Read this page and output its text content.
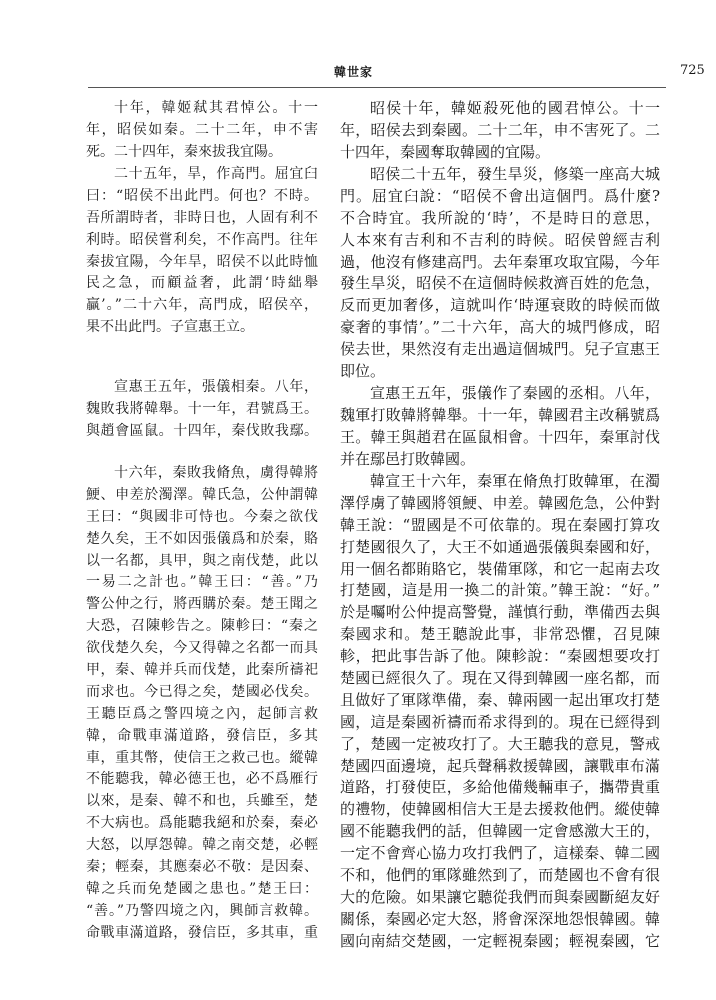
韓世家	725
十年，韓姬弒其君悼公。十一
年，昭侯如秦。二十二年，申不害
死。二十四年，秦來拔我宜陽。
二十五年，旱，作高門。屈宜臼
曰：“昭侯不出此門。何也？不時。
吾所謂時者，非時日也，人固有利不
利時。昭侯嘗利矣，不作高門。往年
秦拔宜陽，今年旱，昭侯不以此時恤
民之急，而顧益奢，此謂‘時絀舉
贏’。”二十六年，高門成，昭侯卒，
果不出此門。子宣惠王立。
宣惠王五年，張儀相秦。八年，
魏敗我將韓舉。十一年，君號爲王。
與趙會區鼠。十四年，秦伐敗我鄢。
十六年，秦敗我脩魚，虜得韓將
鯁、申差於濁澤。韓氏急，公仲謂韓
王曰：“與國非可恃也。今秦之欲伐
楚久矣，王不如因張儀爲和於秦，賂
以一名都，具甲，與之南伐楚，此以
一易二之計也。”韓王曰：“善。”乃
警公仲之行，將西購於秦。楚王聞之
大恐，召陳軫告之。陳軫曰：“秦之
欲伐楚久矣，今又得韓之名都一而具
甲，秦、韓并兵而伐楚，此秦所禱祀
而求也。今已得之矣，楚國必伐矣。
王聽臣爲之警四境之內，起師言救
韓，命戰車滿道路，發信臣，多其
車，重其幣，使信王之救己也。縱韓
不能聽我，韓必德王也，必不爲雁行
以來，是秦、韓不和也，兵雖至，楚
不大病也。爲能聽我絕和於秦，秦必
大怒，以厚怨韓。韓之南交楚，必輕
秦；輕秦，其應秦必不敬：是因秦、
韓之兵而免楚國之患也。”楚王曰：
“善。”乃警四境之內，興師言救韓。
命戰車滿道路，發信臣，多其車，重
昭侯十年，韓姬殺死他的國君悼公。十一
年，昭侯去到秦國。二十二年，申不害死了。二
十四年，秦國奪取韓國的宜陽。
昭侯二十五年，發生旱災，修築一座高大城
門。屈宜臼說：“昭侯不會出這個門。爲什麼?
不合時宜。我所說的‘時’，不是時日的意思，
人本來有吉利和不吉利的時候。昭侯曾經吉利
過，他沒有修建高門。去年秦軍攻取宜陽，今年
發生旱災，昭侯不在這個時候救濟百姓的危急，
反而更加奢侈，這就叫作‘時運衰敗的時候而做
豪奢的事情’。”二十六年，高大的城門修成，昭
侯去世，果然沒有走出過這個城門。兒子宣惠王
即位。
宣惠王五年，張儀作了秦國的丞相。八年，
魏軍打敗韓將韓舉。十一年，韓國君主改稱號爲
王。韓王與趙君在區鼠相會。十四年，秦軍討伐
并在鄢邑打敗韓國。
韓宣王十六年，秦軍在脩魚打敗韓軍，在濁
澤俘虜了韓國將領鯁、申差。韓國危急，公仲對
韓王說：“盟國是不可依靠的。現在秦國打算攻
打楚國很久了，大王不如通過張儀與秦國和好，
用一個名都賄賂它，裝備軍隊，和它一起南去攻
打楚國，這是用一換二的計策。”韓王說：“好。”
於是囑咐公仲提高警覺，謹慎行動，準備西去與
秦國求和。楚王聽說此事，非常恐懼，召見陳
軫，把此事告訴了他。陳軫說：“秦國想要攻打
楚國已經很久了。現在又得到韓國一座名都，而
且做好了軍隊準備，秦、韓兩國一起出軍攻打楚
國，這是秦國祈禱而希求得到的。現在已經得到
了，楚國一定被攻打了。大王聽我的意見，警戒
楚國四面邊境，起兵聲稱救援韓國，讓戰車布滿
道路，打發使臣，多給他備幾輛車子，攜帶貴重
的禮物，使韓國相信大王是去援救他們。縱使韓
國不能聽我們的話，但韓國一定會感激大王的，
一定不會齊心協力攻打我們了，這樣秦、韓二國
不和，他們的軍隊雖然到了，而楚國也不會有很
大的危險。如果讓它聽從我們而與秦國斷絕友好
關係，秦國必定大怒，將會深深地怨恨韓國。韓
國向南結交楚國，一定輕視秦國；輕視秦國，它
